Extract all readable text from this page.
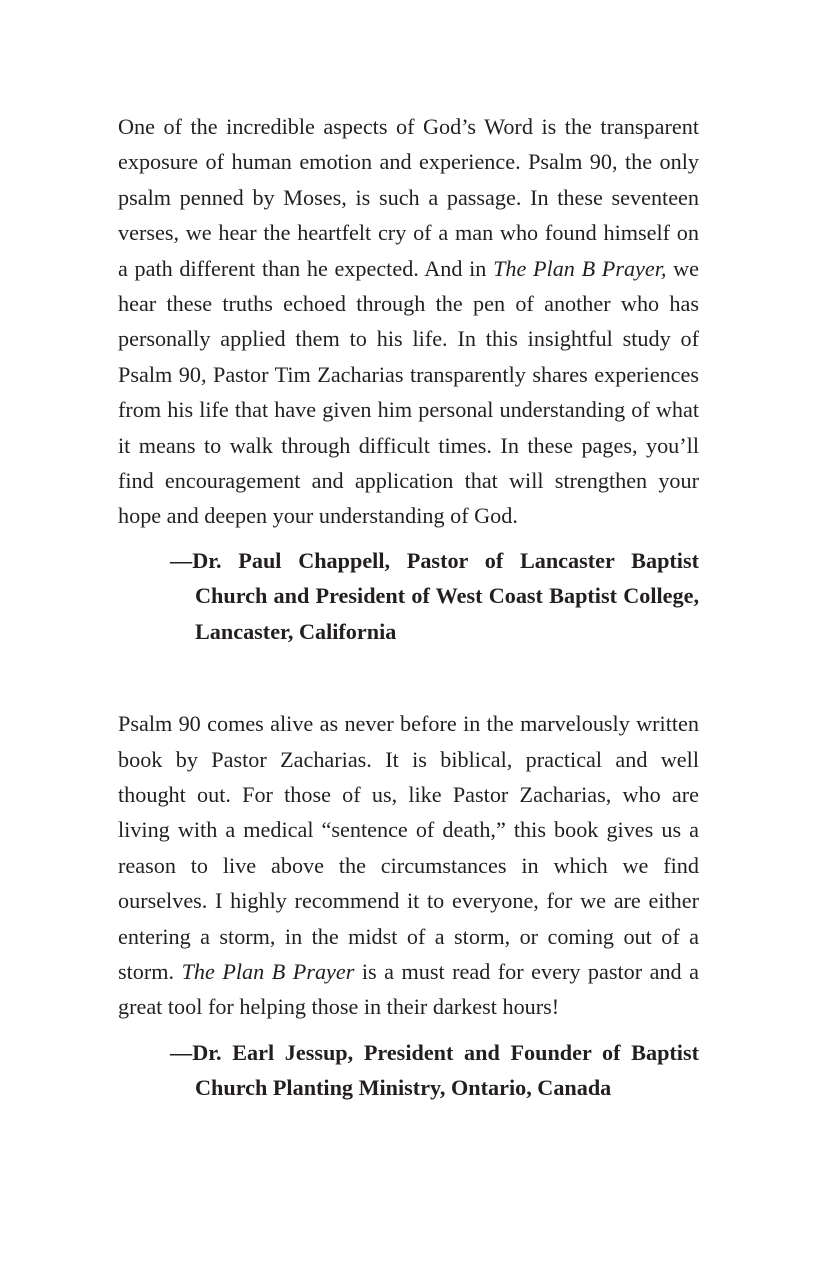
One of the incredible aspects of God’s Word is the transparent exposure of human emotion and experience. Psalm 90, the only psalm penned by Moses, is such a passage. In these seventeen verses, we hear the heartfelt cry of a man who found himself on a path different than he expected. And in The Plan B Prayer, we hear these truths echoed through the pen of another who has personally applied them to his life. In this insightful study of Psalm 90, Pastor Tim Zacharias transparently shares experiences from his life that have given him personal understanding of what it means to walk through difficult times. In these pages, you’ll find encouragement and application that will strengthen your hope and deepen your understanding of God.

—Dr. Paul Chappell, Pastor of Lancaster Baptist Church and President of West Coast Baptist College, Lancaster, California

Psalm 90 comes alive as never before in the marvelously written book by Pastor Zacharias. It is biblical, practical and well thought out. For those of us, like Pastor Zacharias, who are living with a medical “sentence of death,” this book gives us a reason to live above the circumstances in which we find ourselves. I highly recommend it to everyone, for we are either entering a storm, in the midst of a storm, or coming out of a storm. The Plan B Prayer is a must read for every pastor and a great tool for helping those in their darkest hours!

—Dr. Earl Jessup, President and Founder of Baptist Church Planting Ministry, Ontario, Canada
